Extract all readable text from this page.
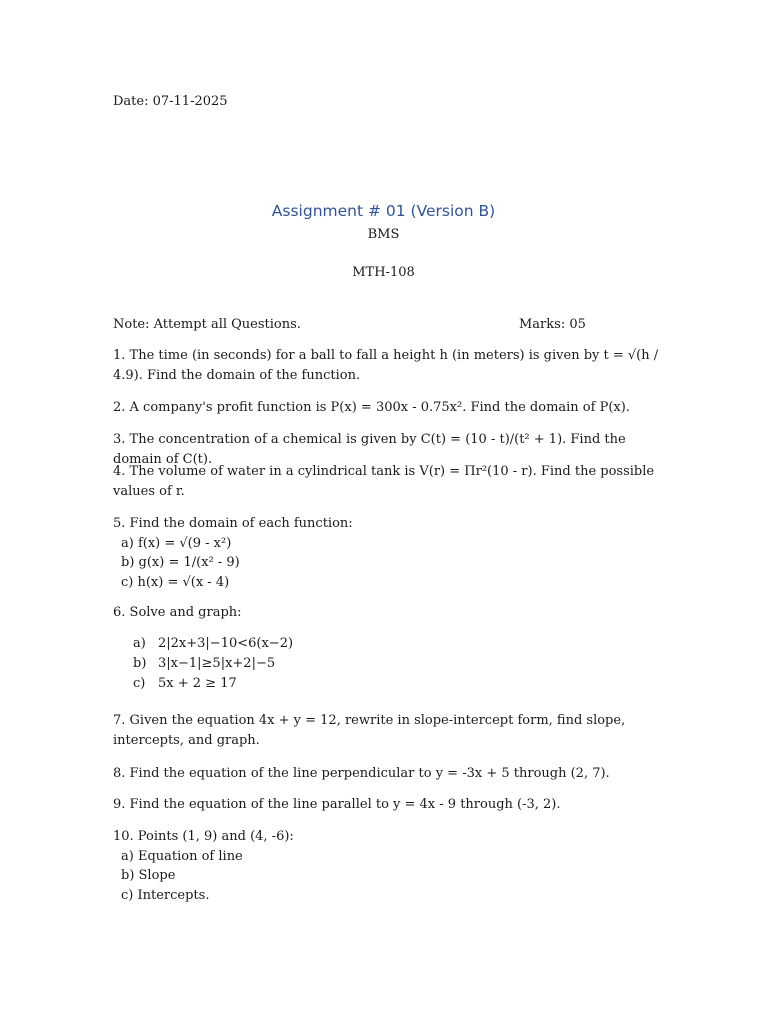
Date: 07-11-2025
Assignment # 01 (Version B)
BMS
MTH-108
Note: Attempt all Questions.	Marks: 05
1. The time (in seconds) for a ball to fall a height h (in meters) is given by t = √(h / 4.9). Find the domain of the function.
2. A company's profit function is P(x) = 300x - 0.75x². Find the domain of P(x).
3. The concentration of a chemical is given by C(t) = (10 - t)/(t² + 1). Find the domain of C(t).
4. The volume of water in a cylindrical tank is V(r) = Πr²(10 - r). Find the possible values of r.
5. Find the domain of each function:
a) f(x) = √(9 - x²)
b) g(x) = 1/(x² - 9)
c) h(x) = √(x - 4)
6. Solve and graph:
a) 2|2x+3|−10<6(x−2)
b) 3|x−1|≥5|x+2|−5
c) 5x + 2 ≥ 17
7. Given the equation 4x + y = 12, rewrite in slope-intercept form, find slope, intercepts, and graph.
8. Find the equation of the line perpendicular to y = -3x + 5 through (2, 7).
9. Find the equation of the line parallel to y = 4x - 9 through (-3, 2).
10. Points (1, 9) and (4, -6):
a) Equation of line
b) Slope
c) Intercepts.
